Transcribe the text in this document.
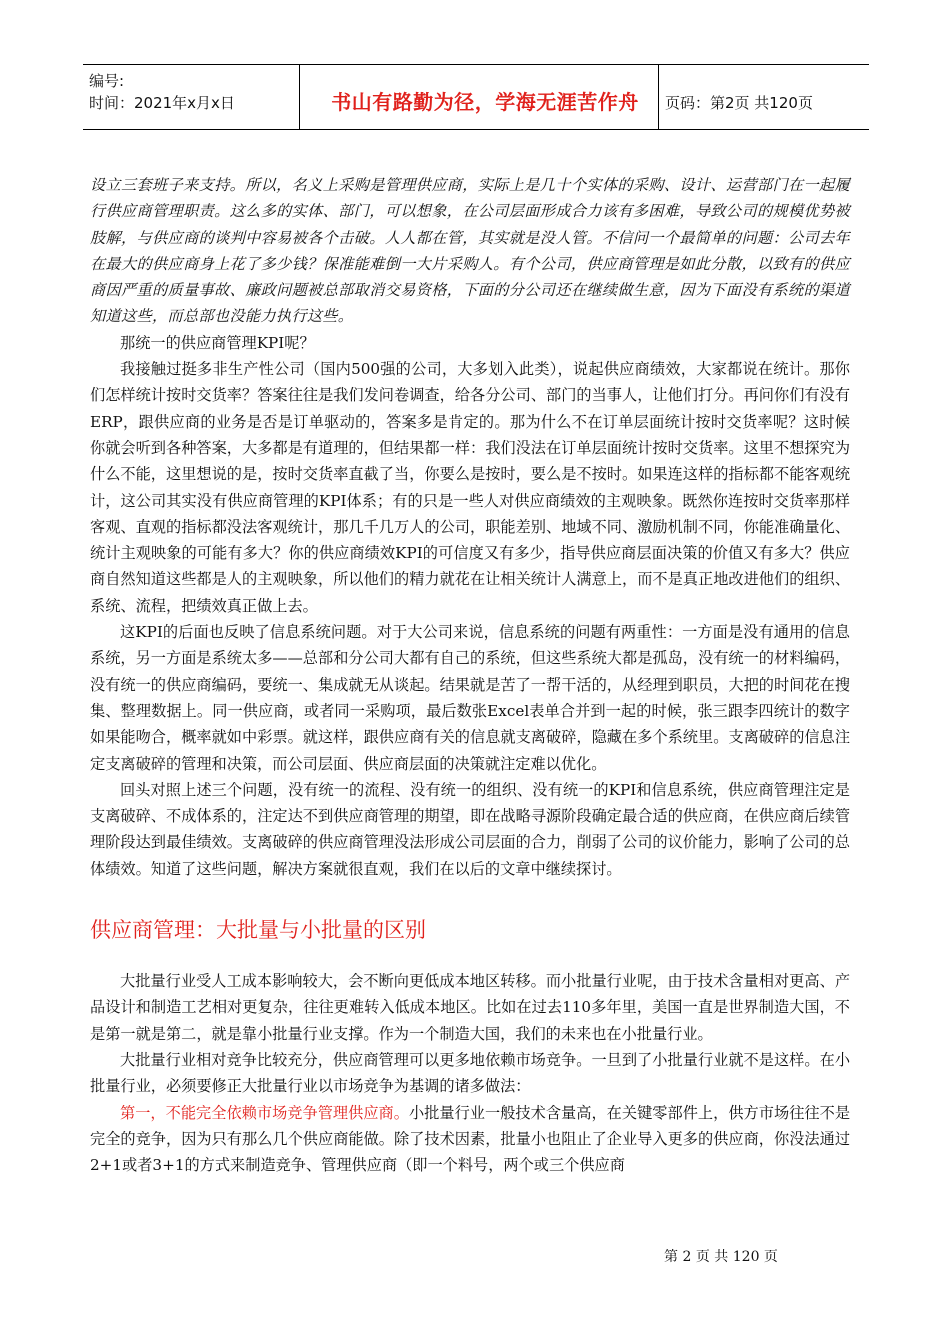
编号:
时间：2021年x月x日	书山有路勤为径，学海无涯苦作舟	页码：第2页 共120页

设立三套班子来支持。所以，名义上采购是管理供应商，实际上是几十个实体的采购、设计、运营部门在一起履行供应商管理职责。这么多的实体、部门，可以想象，在公司层面形成合力该有多困难，导致公司的规模优势被肢解，与供应商的谈判中容易被各个击破。人人都在管，其实就是没人管。不信问一个最简单的问题：公司去年在最大的供应商身上花了多少钱？保准能难倒一大片采购人。有个公司，供应商管理是如此分散，以致有的供应商因严重的质量事故、廉政问题被总部取消交易资格，下面的分公司还在继续做生意，因为下面没有系统的渠道知道这些，而总部也没能力执行这些。

那统一的供应商管理KPI呢？

我接触过挺多非生产性公司（国内500强的公司，大多划入此类），说起供应商绩效，大家都说在统计。那你们怎样统计按时交货率？答案往往是我们发问卷调查，给各分公司、部门的当事人，让他们打分。再问你们有没有ERP，跟供应商的业务是否是订单驱动的，答案多是肯定的。那为什么不在订单层面统计按时交货率呢？这时候你就会听到各种答案，大多都是有道理的，但结果都一样：我们没法在订单层面统计按时交货率。这里不想探究为什么不能，这里想说的是，按时交货率直截了当，你要么是按时，要么是不按时。如果连这样的指标都不能客观统计，这公司其实没有供应商管理的KPI体系；有的只是一些人对供应商绩效的主观映象。既然你连按时交货率那样客观、直观的指标都没法客观统计，那几千几万人的公司，职能差别、地域不同、激励机制不同，你能准确量化、统计主观映象的可能有多大？你的供应商绩效KPI的可信度又有多少，指导供应商层面决策的价值又有多大？供应商自然知道这些都是人的主观映象，所以他们的精力就花在让相关统计人满意上，而不是真正地改进他们的组织、系统、流程，把绩效真正做上去。

这KPI的后面也反映了信息系统问题。对于大公司来说，信息系统的问题有两重性：一方面是没有通用的信息系统，另一方面是系统太多——总部和分公司大都有自己的系统，但这些系统大都是孤岛，没有统一的材料编码，没有统一的供应商编码，要统一、集成就无从谈起。结果就是苦了一帮干活的，从经理到职员，大把的时间花在搜集、整理数据上。同一供应商，或者同一采购项，最后数张Excel表单合并到一起的时候，张三跟李四统计的数字如果能吻合，概率就如中彩票。就这样，跟供应商有关的信息就支离破碎，隐藏在多个系统里。支离破碎的信息注定支离破碎的管理和决策，而公司层面、供应商层面的决策就注定难以优化。

回头对照上述三个问题，没有统一的流程、没有统一的组织、没有统一的KPI和信息系统，供应商管理注定是支离破碎、不成体系的，注定达不到供应商管理的期望，即在战略寻源阶段确定最合适的供应商，在供应商后续管理阶段达到最佳绩效。支离破碎的供应商管理没法形成公司层面的合力，削弱了公司的议价能力，影响了公司的总体绩效。知道了这些问题，解决方案就很直观，我们在以后的文章中继续探讨。

供应商管理：大批量与小批量的区别

大批量行业受人工成本影响较大，会不断向更低成本地区转移。而小批量行业呢，由于技术含量相对更高、产品设计和制造工艺相对更复杂，往往更难转入低成本地区。比如在过去110多年里，美国一直是世界制造大国，不是第一就是第二，就是靠小批量行业支撑。作为一个制造大国，我们的未来也在小批量行业。

大批量行业相对竞争比较充分，供应商管理可以更多地依赖市场竞争。一旦到了小批量行业就不是这样。在小批量行业，必须要修正大批量行业以市场竞争为基调的诸多做法：

第一，不能完全依赖市场竞争管理供应商。小批量行业一般技术含量高，在关键零部件上，供方市场往往不是完全的竞争，因为只有那么几个供应商能做。除了技术因素，批量小也阻止了企业导入更多的供应商，你没法通过2+1或者3+1的方式来制造竞争、管理供应商（即一个料号，两个或三个供应商

第 2 页 共 120 页
